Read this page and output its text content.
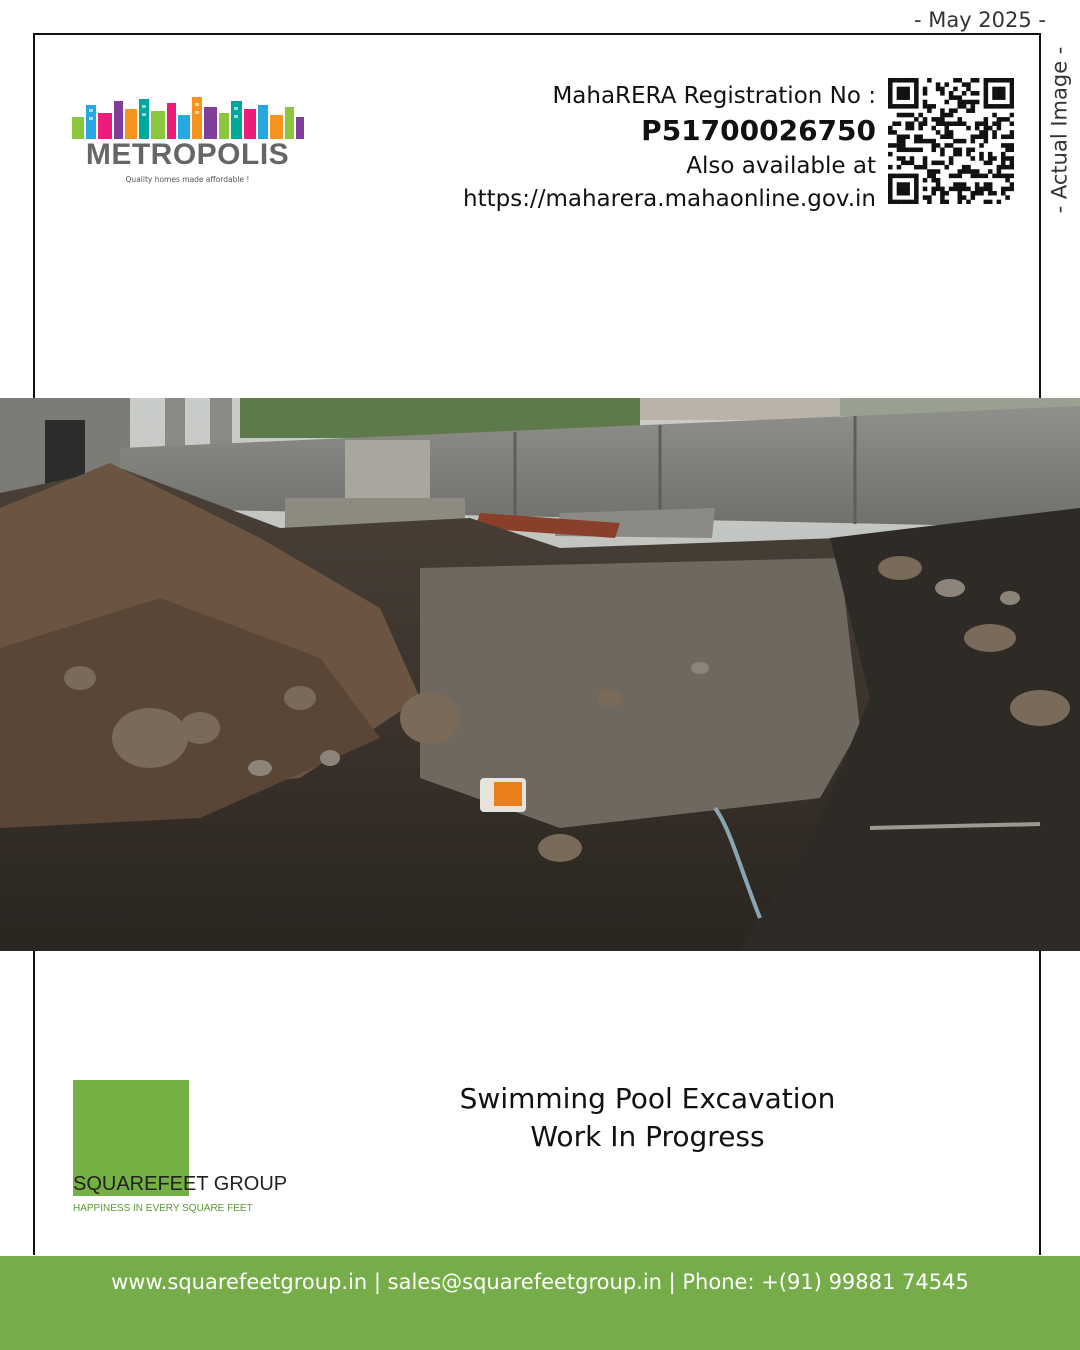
- May 2025 -
- Actual Image -
METROPOLIS
Quality homes made affordable !
MahaRERA Registration No :
P51700026750
Also available at
https://maharera.mahaonline.gov.in
Swimming Pool Excavation
Work In Progress
SQUAREFEET GROUP
HAPPINESS IN EVERY SQUARE FEET
www.squarefeetgroup.in | sales@squarefeetgroup.in | Phone: +(91) 99881 74545
